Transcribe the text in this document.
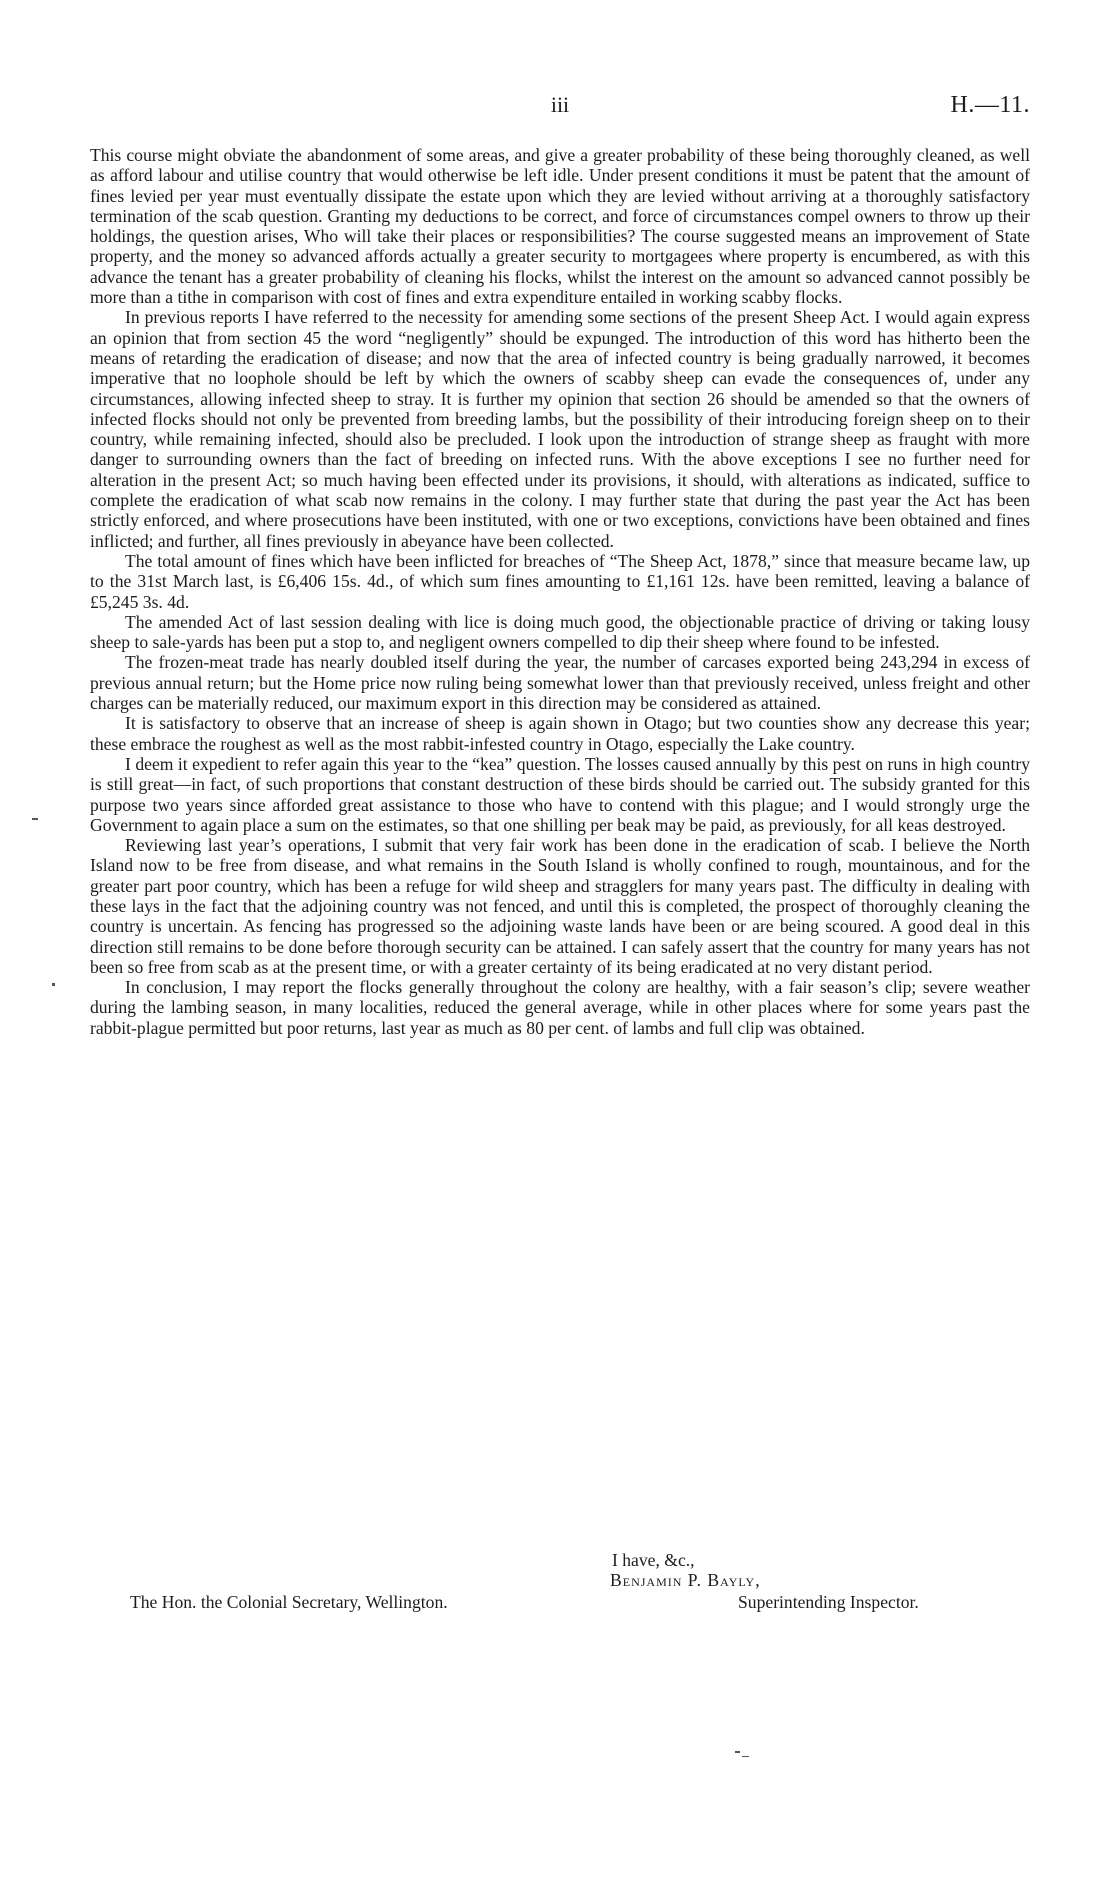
iii	H.—11.

This course might obviate the abandonment of some areas, and give a greater probability of these being thoroughly cleaned, as well as afford labour and utilise country that would otherwise be left idle. Under present conditions it must be patent that the amount of fines levied per year must eventually dissipate the estate upon which they are levied without arriving at a thoroughly satisfactory termination of the scab question. Granting my deductions to be correct, and force of circumstances compel owners to throw up their holdings, the question arises, Who will take their places or responsibilities? The course suggested means an improvement of State property, and the money so advanced affords actually a greater security to mortgagees where property is encumbered, as with this advance the tenant has a greater probability of cleaning his flocks, whilst the interest on the amount so advanced cannot possibly be more than a tithe in comparison with cost of fines and extra expenditure entailed in working scabby flocks.

In previous reports I have referred to the necessity for amending some sections of the present Sheep Act. I would again express an opinion that from section 45 the word “negligently” should be expunged. The introduction of this word has hitherto been the means of retarding the eradication of disease; and now that the area of infected country is being gradually narrowed, it becomes imperative that no loophole should be left by which the owners of scabby sheep can evade the consequences of, under any circumstances, allowing infected sheep to stray. It is further my opinion that section 26 should be amended so that the owners of infected flocks should not only be prevented from breeding lambs, but the possibility of their introducing foreign sheep on to their country, while remaining infected, should also be precluded. I look upon the introduction of strange sheep as fraught with more danger to surrounding owners than the fact of breeding on infected runs. With the above exceptions I see no further need for alteration in the present Act; so much having been effected under its provisions, it should, with alterations as indicated, suffice to complete the eradication of what scab now remains in the colony. I may further state that during the past year the Act has been strictly enforced, and where prosecutions have been instituted, with one or two exceptions, convictions have been obtained and fines inflicted; and further, all fines previously in abeyance have been collected.

The total amount of fines which have been inflicted for breaches of “The Sheep Act, 1878,” since that measure became law, up to the 31st March last, is £6,406 15s. 4d., of which sum fines amounting to £1,161 12s. have been remitted, leaving a balance of £5,245 3s. 4d.

The amended Act of last session dealing with lice is doing much good, the objectionable practice of driving or taking lousy sheep to sale-yards has been put a stop to, and negligent owners compelled to dip their sheep where found to be infested.

The frozen-meat trade has nearly doubled itself during the year, the number of carcases exported being 243,294 in excess of previous annual return; but the Home price now ruling being somewhat lower than that previously received, unless freight and other charges can be materially reduced, our maximum export in this direction may be considered as attained.

It is satisfactory to observe that an increase of sheep is again shown in Otago; but two counties show any decrease this year; these embrace the roughest as well as the most rabbit-infested country in Otago, especially the Lake country.

I deem it expedient to refer again this year to the “kea” question. The losses caused annually by this pest on runs in high country is still great—in fact, of such proportions that constant destruction of these birds should be carried out. The subsidy granted for this purpose two years since afforded great assistance to those who have to contend with this plague; and I would strongly urge the Government to again place a sum on the estimates, so that one shilling per beak may be paid, as previously, for all keas destroyed.

Reviewing last year’s operations, I submit that very fair work has been done in the eradication of scab. I believe the North Island now to be free from disease, and what remains in the South Island is wholly confined to rough, mountainous, and for the greater part poor country, which has been a refuge for wild sheep and stragglers for many years past. The difficulty in dealing with these lays in the fact that the adjoining country was not fenced, and until this is completed, the prospect of thoroughly cleaning the country is uncertain. As fencing has progressed so the adjoining waste lands have been or are being scoured. A good deal in this direction still remains to be done before thorough security can be attained. I can safely assert that the country for many years has not been so free from scab as at the present time, or with a greater certainty of its being eradicated at no very distant period.

In conclusion, I may report the flocks generally throughout the colony are healthy, with a fair season’s clip; severe weather during the lambing season, in many localities, reduced the general average, while in other places where for some years past the rabbit-plague permitted but poor returns, last year as much as 80 per cent. of lambs and full clip was obtained.

I have, &c.,
Benjamin P. Bayly,
The Hon. the Colonial Secretary, Wellington.	Superintending Inspector.
